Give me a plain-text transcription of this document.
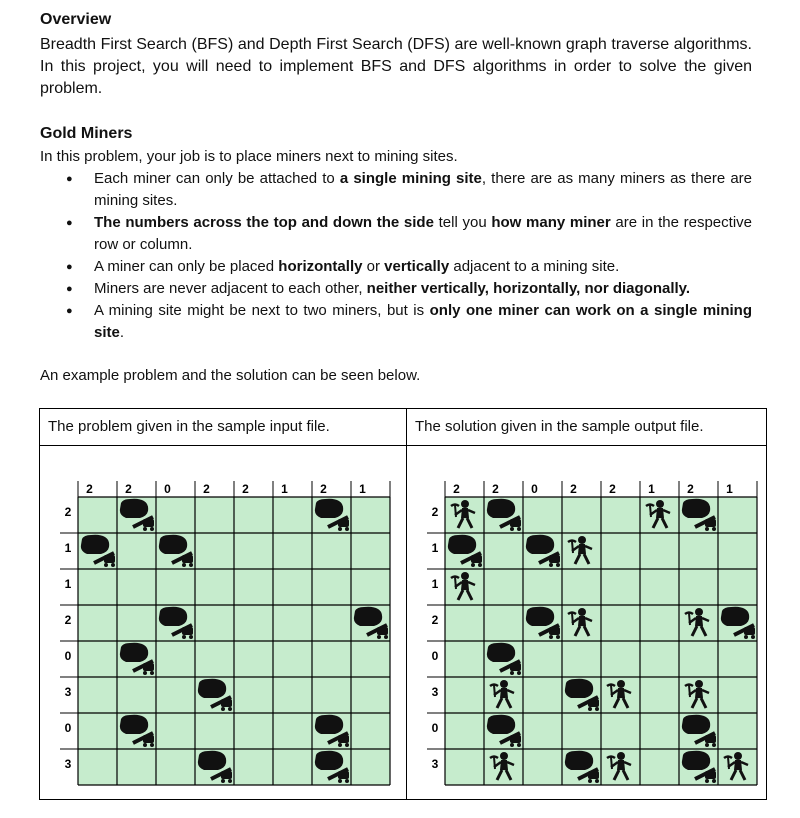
Overview

Breadth First Search (BFS) and Depth First Search (DFS) are well-known graph traverse algorithms. In this project, you will need to implement BFS and DFS algorithms in order to solve the given problem.

Gold Miners

In this problem, your job is to place miners next to mining sites.

● Each miner can only be attached to a single mining site, there are as many miners as there are mining sites.
● The numbers across the top and down the side tell you how many miner are in the respective row or column.
● A miner can only be placed horizontally or vertically adjacent to a mining site.
● Miners are never adjacent to each other, neither vertically, horizontally, nor diagonally.
● A mining site might be next to two miners, but is only one miner can work on a single mining site.

An example problem and the solution can be seen below.

The problem given in the sample input file.	The solution given in the sample output file.
2	2	0	2	2	1	2	1
2
1
1
2
0
3
0
3
2	2	0	2	2	1	2	1
2
1
1
2
0
3
0
3
